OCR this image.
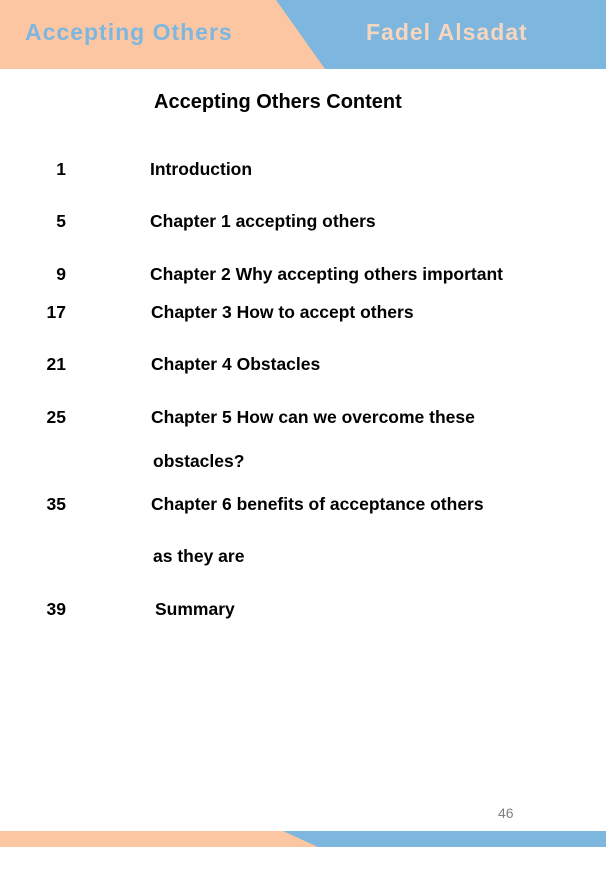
Accepting Others	Fadel Alsadat
Accepting Others Content
1	Introduction
5	Chapter 1 accepting others
9	Chapter 2 Why accepting others important
17	Chapter 3 How to accept others
21	Chapter 4 Obstacles
25	Chapter 5 How can we overcome these
obstacles?
35	Chapter 6 benefits of acceptance others
as they are
39	Summary
46
